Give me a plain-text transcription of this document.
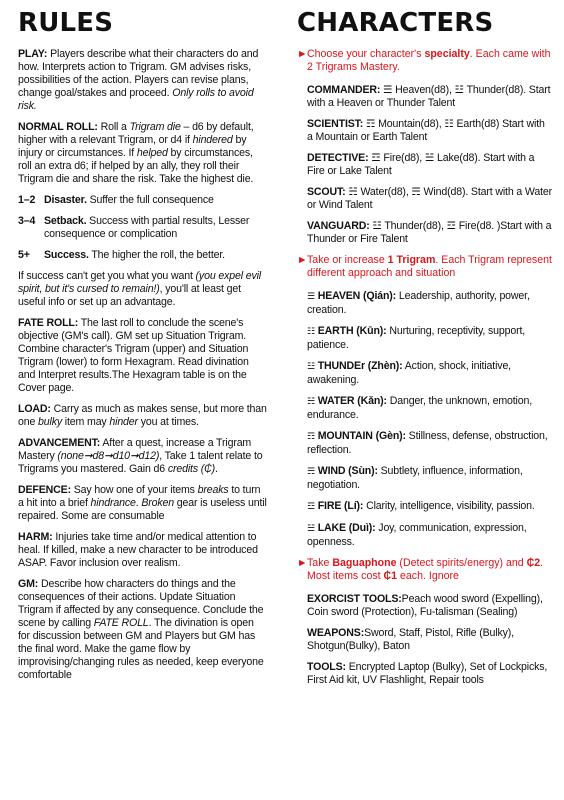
RULES

PLAY: Players describe what their characters do and how. Interprets action to Trigram. GM advises risks, possibilities of the action. Players can revise plans, change goal/stakes and proceed. Only rolls to avoid risk.

NORMAL ROLL: Roll a Trigram die – d6 by default, higher with a relevant Trigram, or d4 if hindered by injury or circumstances. If helped by circumstances, roll an extra d6; if helped by an ally, they roll their Trigram die and share the risk. Take the highest die.

1–2 Disaster. Suffer the full consequence
3–4 Setback. Success with partial results, Lesser consequence or complication
5+	Success. The higher the roll, the better.

If success can't get you what you want (you expel evil spirit, but it's cursed to remain!), you'll at least get useful info or set up an advantage.

FATE ROLL: The last roll to conclude the scene's objective (GM's call). GM set up Situation Trigram. Combine character's Trigram (upper) and Situation Trigram (lower) to form Hexagram. Read divination and Interpret results.The Hexagram table is on the Cover page.

LOAD: Carry as much as makes sense, but more than one bulky item may hinder you at times.

ADVANCEMENT: After a quest, increase a Trigram Mastery (none➞d8➞d10➞d12), Take 1 talent relate to Trigrams you mastered. Gain d6 credits (₵).

DEFENCE: Say how one of your items breaks to turn a hit into a brief hindrance. Broken gear is useless until repaired. Some are consumable

HARM: Injuries take time and/or medical attention to heal. If killed, make a new character to be introduced ASAP. Favor inclusion over realism.

GM: Describe how characters do things and the consequences of their actions. Update Situation Trigram if affected by any consequence. Conclude the scene by calling FATE ROLL. The divination is open for discussion between GM and Players but GM has the final word. Make the game flow by improvising/changing rules as needed, keep everyone comfortable

CHARACTERS
► Choose your character's specialty. Each came with 2 Trigrams Mastery.

COMMANDER: ☰ Heaven(d8), ☳ Thunder(d8). Start with a Heaven or Thunder Talent

SCIENTIST: ☶ Mountain(d8), ☷ Earth(d8) Start with a Mountain or Earth Talent

DETECTIVE: ☲ Fire(d8), ☱ Lake(d8). Start with a Fire or Lake Talent

SCOUT: ☵ Water(d8), ☴ Wind(d8). Start with a Water or Wind Talent

VANGUARD: ☳ Thunder(d8), ☲ Fire(d8. )Start with a Thunder or Fire Talent

► Take or increase 1 Trigram. Each Trigram represent different approach and situation

☰ HEAVEN (Qián): Leadership, authority, power, creation.

☷ EARTH (Kūn): Nurturing, receptivity, support, patience.

☳ THUNDEr (Zhèn): Action, shock, initiative, awakening.

☵ WATER (Kǎn): Danger, the unknown, emotion, endurance.

☶ MOUNTAIN (Gèn): Stillness, defense, obstruction, reflection.

☴ WIND (Sùn): Subtlety, influence, information, negotiation.

☲ FIRE (Lí): Clarity, intelligence, visibility, passion.

☱ LAKE (Duì): Joy, communication, expression, openness.

► Take Baguaphone (Detect spirits/energy) and ₵2. Most items cost ₵1 each. Ignore

EXORCIST TOOLS:Peach wood sword (Expelling), Coin sword (Protection), Fu-talisman (Sealing)

WEAPONS:Sword, Staff, Pistol, Rifle (Bulky), Shotgun(Bulky), Baton

TOOLS: Encrypted Laptop (Bulky), Set of Lockpicks, First Aid kit, UV Flashlight, Repair tools
